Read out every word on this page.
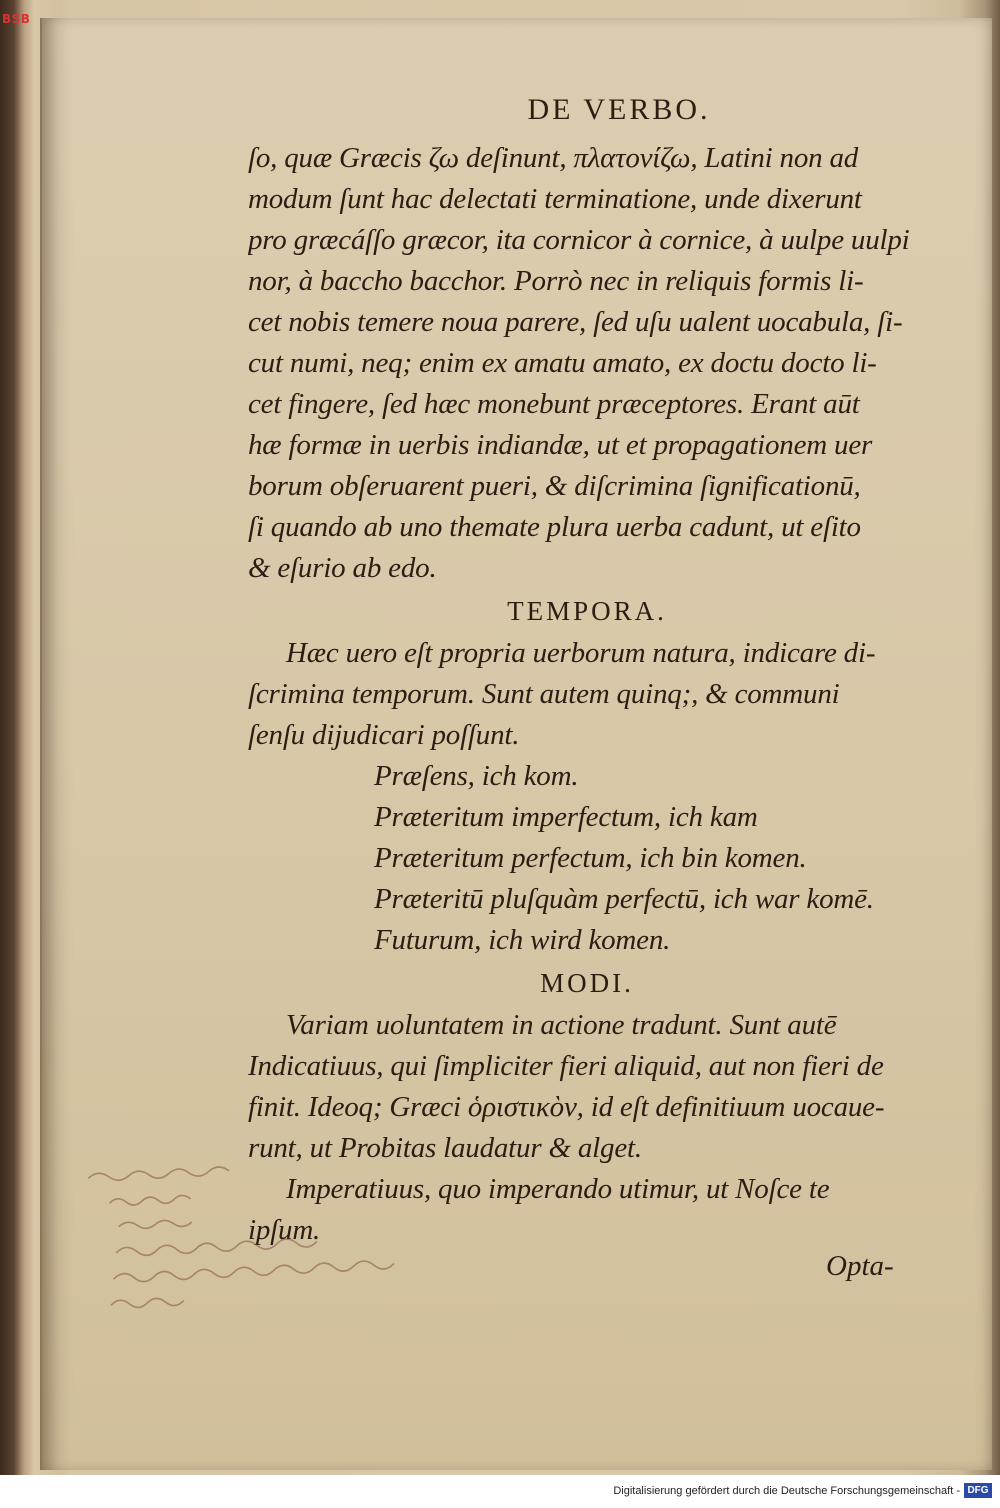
BSB
DE VERBO.
ſo, quæ Græcis ζω deſinunt, πλατονίζω, Latini non ad
modum ſunt hac delectati terminatione, unde dixerunt
pro græcáſſo græcor, ita cornicor à cornice, à uulpe uulpi
nor, à baccho bacchor. Porrò nec in reliquis formis li-
cet nobis temere noua parere, ſed uſu ualent uocabula, ſi-
cut numi, neq; enim ex amatu amato, ex doctu docto li-
cet fingere, ſed hæc monebunt præceptores. Erant aūt
hæ formæ in uerbis indiandæ, ut et propagationem uer
borum obſeruarent pueri, & diſcrimina ſignificationū,
ſi quando ab uno themate plura uerba cadunt, ut eſito
& eſurio ab edo.
TEMPORA.
Hæc uero eſt propria uerborum natura, indicare di-
ſcrimina temporum. Sunt autem quinq;, & communi
ſenſu dijudicari poſſunt.
Præſens, ich kom.
Præteritum imperfectum, ich kam
Præteritum perfectum, ich bin komen.
Præteritū pluſquàm perfectū, ich war komē.
Futurum, ich wird komen.
MODI.
Variam uoluntatem in actione tradunt. Sunt autē
Indicatiuus, qui ſimpliciter fieri aliquid, aut non fieri de
finit. Ideoq; Græci ὁριστικὸν, id eſt definitiuum uocaue-
runt, ut Probitas laudatur & alget.
Imperatiuus, quo imperando utimur, ut Noſce te
ipſum.
Opta-
Digitalisierung gefördert durch die Deutsche Forschungsgemeinschaft - DFG
